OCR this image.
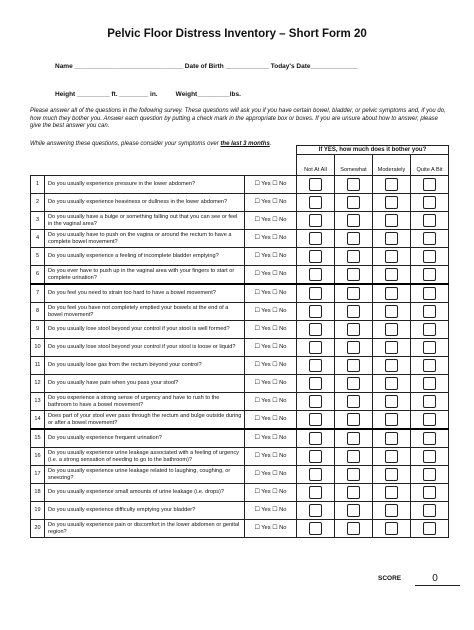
Pelvic Floor Distress Inventory – Short Form 20
Name ______________________________ Date of Birth ____________ Today's Date_____________
Height _________ ft. ________ in.          Weight_________lbs.
Please answer all of the questions in the following survey. These questions will ask you if you have certain bowel, bladder, or pelvic symptoms and, if you do, how much they bother you. Answer each question by putting a check mark in the appropriate box or boxes. If you are unsure about how to answer, please give the best answer you can.
While answering these questions, please consider your symptoms over the last 3 months.
			If YES, how much does it bother you?			
			Not At All	Somewhat	Moderately	Quite A Bit
1	Do you usually experience pressure in the lower abdomen?	☐ Yes ☐ No				
2	Do you usually experience heaviness or dullness in the lower abdomen?	☐ Yes ☐ No				
3	Do you usually have a bulge or something falling out that you can see or feel in the vaginal area?	☐ Yes ☐ No				
4	Do you usually have to push on the vagina or around the rectum to have a complete bowel movement?	☐ Yes ☐ No				
5	Do you usually experience a feeling of incomplete bladder emptying?	☐ Yes ☐ No				
6	Do you ever have to push up in the vaginal area with your fingers to start or complete urination?	☐ Yes ☐ No				
7	Do you feel you need to strain too hard to have a bowel movement?	☐ Yes ☐ No				
8	Do you feel you have not completely emptied your bowels at the end of a bowel movement?	☐ Yes ☐ No				
9	Do you usually lose stool beyond your control if your stool is well formed?	☐ Yes ☐ No				
10	Do you usually lose stool beyond your control if your stool is loose or liquid?	☐ Yes ☐ No				
11	Do you usually lose gas from the rectum beyond your control?	☐ Yes ☐ No				
12	Do you usually have pain when you pass your stool?	☐ Yes ☐ No				
13	Do you experience a strong sense of urgency and have to rush to the bathroom to have a bowel movement?	☐ Yes ☐ No				
14	Does part of your stool ever pass through the rectum and bulge outside during or after a bowel movement?	☐ Yes ☐ No				
15	Do you usually experience frequent urination?	☐ Yes ☐ No				
16	Do you usually experience urine leakage associated with a feeling of urgency (i.e. a strong sensation of needing to go to the bathroom)?	☐ Yes ☐ No				
17	Do you usually experience urine leakage related to laughing, coughing, or sneezing?	☐ Yes ☐ No				
18	Do you usually experience small amounts of urine leakage (i.e. drops)?	☐ Yes ☐ No				
19	Do you usually experience difficulty emptying your bladder?	☐ Yes ☐ No				
20	Do you usually experience pain or discomfort in the lower abdomen or genital region?	☐ Yes ☐ No				
SCORE	0
